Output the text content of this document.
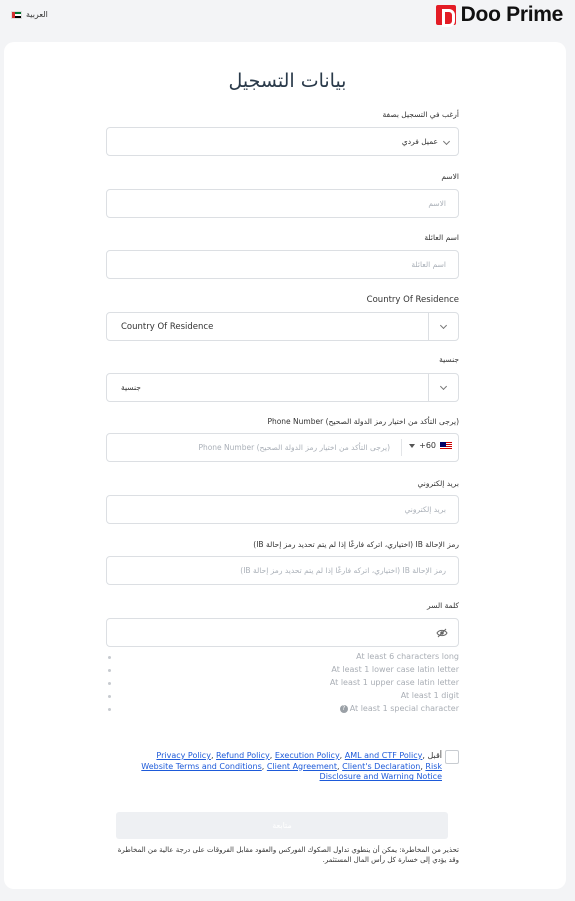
العربية	Doo Prime
بيانات التسجيل
أرغب في التسجيل بصفة
عميل فردي
الاسم
الاسم
اسم العائلة
اسم العائلة
Country Of Residence
Country Of Residence
جنسية
جنسية
Phone Number (يرجى التأكد من اختيار رمز الدولة الصحيح)
+60
Phone Number (يرجى التأكد من اختيار رمز الدولة الصحيح)
بريد إلكتروني
بريد إلكتروني
رمز الإحالة IB (اختياري، اتركه فارغًا إذا لم يتم تحديد رمز إحالة IB)
رمز الإحالة IB (اختياري، اتركه فارغًا إذا لم يتم تحديد رمز إحالة IB)
كلمة السر
At least 6 characters long
At least 1 lower case latin letter
At least 1 upper case latin letter
At least 1 digit
? At least 1 special character
Privacy Policy, Refund Policy, Execution Policy, AML and CTF Policy, أقبل
Website Terms and Conditions, Client Agreement, Client's Declaration, Risk
Disclosure and Warning Notice
متابعة
تحذير من المخاطرة: يمكن أن ينطوي تداول الصكوك الفوركس والعقود مقابل الفروقات على درجة عالية من المخاطرة وقد يؤدي إلى خسارة كل رأس المال المستثمر.
